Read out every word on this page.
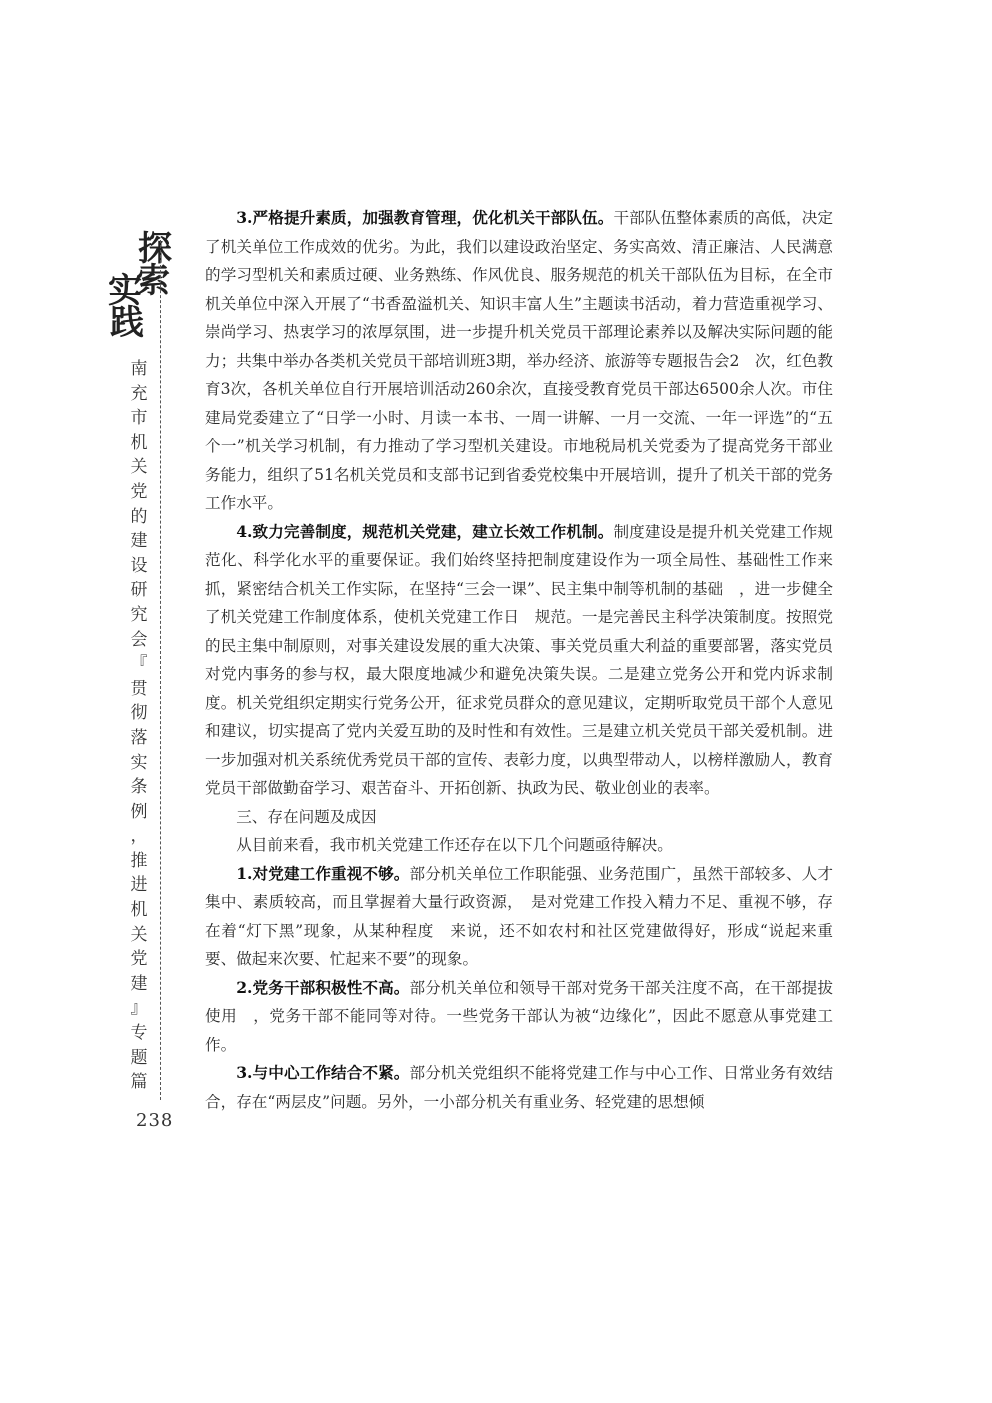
探
索
实
践
南
充
市
机
关
党
的
建
设
研
究
会
『
贯
彻
落
实
条
例
，
推
进
机
关
党
建
』
专
题
篇
238

3.严格提升素质，加强教育管理，优化机关干部队伍。干部队伍整体素质的高低，决定了机关单位工作成效的优劣。为此，我们以建设政治坚定、务实高效、清正廉洁、人民满意的学习型机关和素质过硬、业务熟练、作风优良、服务规范的机关干部队伍为目标，在全市机关单位中深入开展了“书香盈溢机关、知识丰富人生”主题读书活动，着力营造重视学习、崇尚学习、热衷学习的浓厚氛围，进一步提升机关党员干部理论素养以及解决实际问题的能力；共集中举办各类机关党员干部培训班3期，举办经济、旅游等专题报告会2　次，红色教育3次，各机关单位自行开展培训活动260余次，直接受教育党员干部达6500余人次。市住建局党委建立了“日学一小时、月读一本书、一周一讲解、一月一交流、一年一评选”的“五个一”机关学习机制，有力推动了学习型机关建设。市地税局机关党委为了提高党务干部业务能力，组织了51名机关党员和支部书记到省委党校集中开展培训，提升了机关干部的党务工作水平。

4.致力完善制度，规范机关党建，建立长效工作机制。制度建设是提升机关党建工作规范化、科学化水平的重要保证。我们始终坚持把制度建设作为一项全局性、基础性工作来抓，紧密结合机关工作实际，在坚持“三会一课”、民主集中制等机制的基础　，进一步健全了机关党建工作制度体系，使机关党建工作日　规范。一是完善民主科学决策制度。按照党的民主集中制原则，对事关建设发展的重大决策、事关党员重大利益的重要部署，落实党员对党内事务的参与权，最大限度地减少和避免决策失误。二是建立党务公开和党内诉求制度。机关党组织定期实行党务公开，征求党员群众的意见建议，定期听取党员干部个人意见和建议，切实提高了党内关爱互助的及时性和有效性。三是建立机关党员干部关爱机制。进一步加强对机关系统优秀党员干部的宣传、表彰力度，以典型带动人，以榜样激励人，教育党员干部做勤奋学习、艰苦奋斗、开拓创新、执政为民、敬业创业的表率。

三、存在问题及成因

从目前来看，我市机关党建工作还存在以下几个问题亟待解决。

1.对党建工作重视不够。部分机关单位工作职能强、业务范围广，虽然干部较多、人才集中、素质较高，而且掌握着大量行政资源，　是对党建工作投入精力不足、重视不够，存在着“灯下黑”现象，从某种程度　来说，还不如农村和社区党建做得好，形成“说起来重要、做起来次要、忙起来不要”的现象。

2.党务干部积极性不高。部分机关单位和领导干部对党务干部关注度不高，在干部提拔使用　，党务干部不能同等对待。一些党务干部认为被“边缘化”，因此不愿意从事党建工作。

3.与中心工作结合不紧。部分机关党组织不能将党建工作与中心工作、日常业务有效结合，存在“两层皮”问题。另外，一小部分机关有重业务、轻党建的思想倾
